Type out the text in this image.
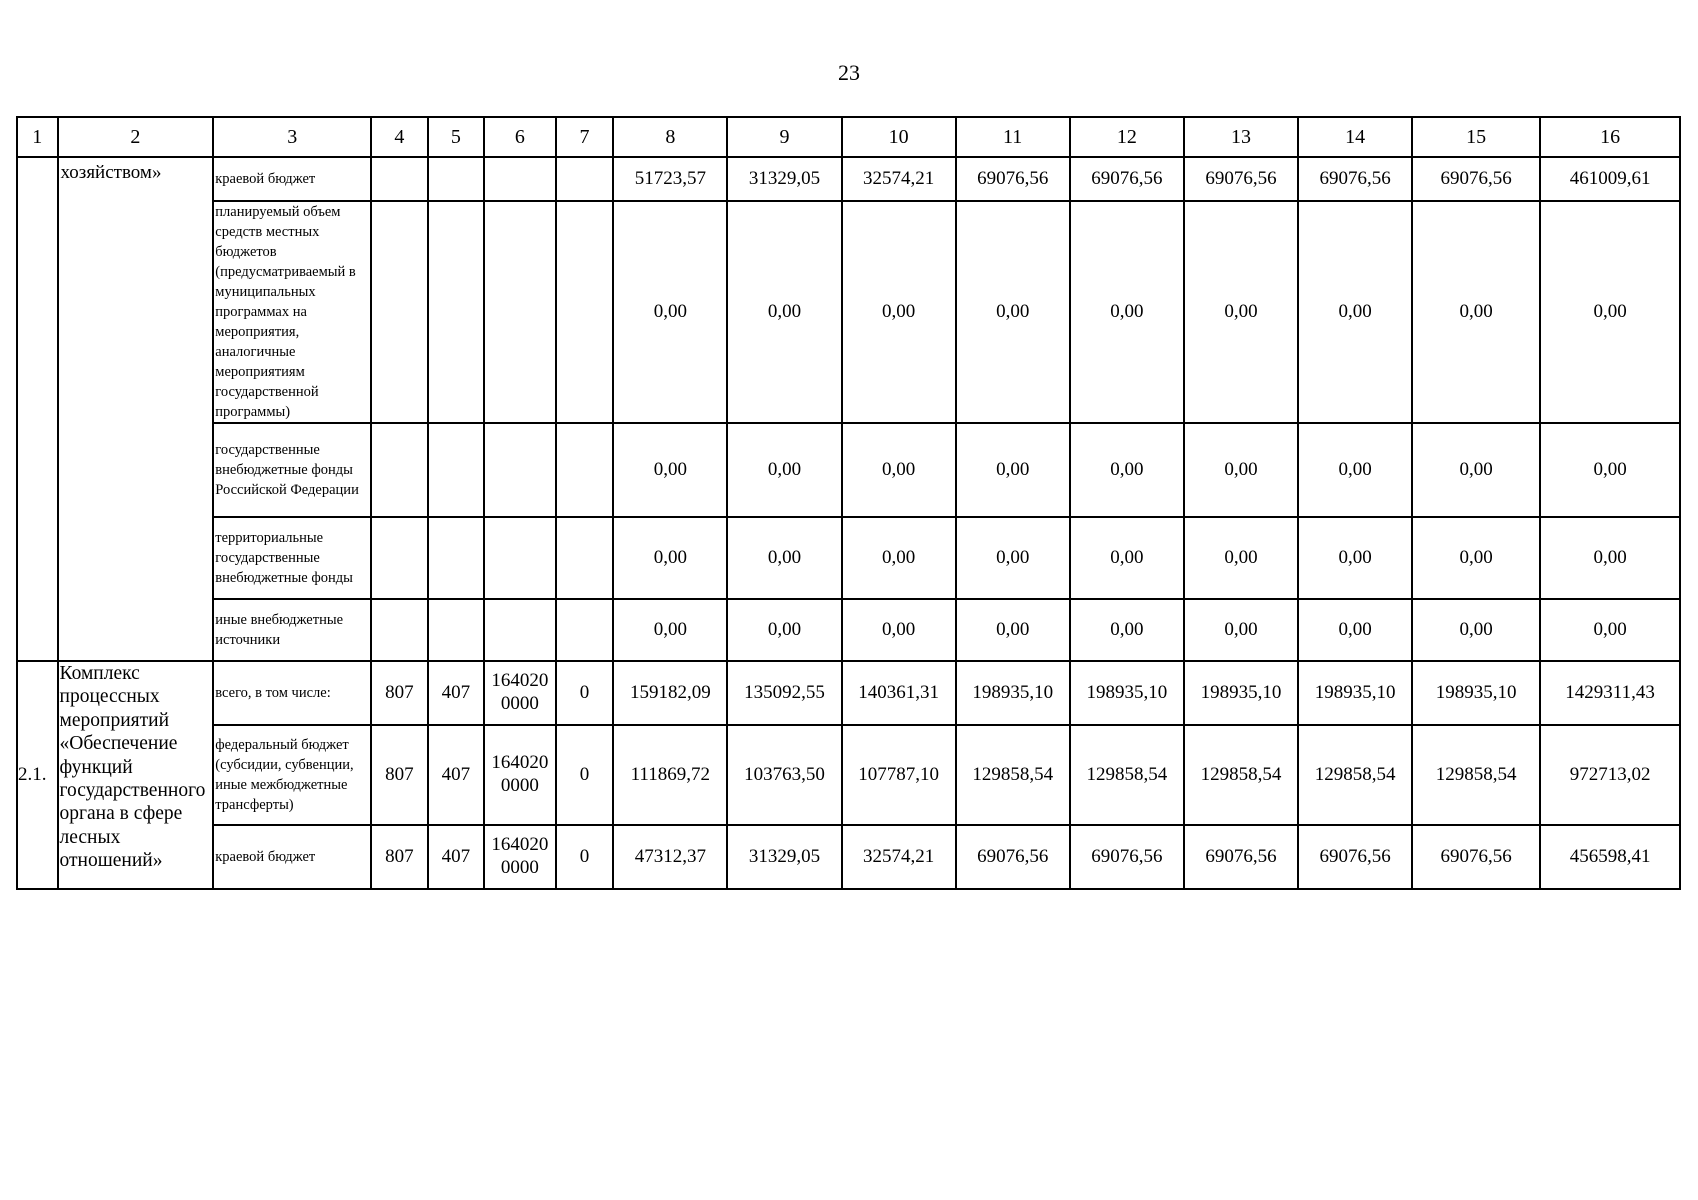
23
1	2	3	4	5	6	7	8	9	10	11	12	13	14	15	16
	хозяйством»	краевой бюджет					51723,57	31329,05	32574,21	69076,56	69076,56	69076,56	69076,56	69076,56	461009,61
		планируемый объем средств местных бюджетов (предусматриваемый в муниципальных программах на мероприятия, аналогичные мероприятиям государственной программы)					0,00	0,00	0,00	0,00	0,00	0,00	0,00	0,00	0,00
		государственные внебюджетные фонды Российской Федерации					0,00	0,00	0,00	0,00	0,00	0,00	0,00	0,00	0,00
		территориальные государственные внебюджетные фонды					0,00	0,00	0,00	0,00	0,00	0,00	0,00	0,00	0,00
		иные внебюджетные источники					0,00	0,00	0,00	0,00	0,00	0,00	0,00	0,00	0,00
2.1.	Комплекс процессных мероприятий «Обеспечение функций государственного органа в сфере лесных отношений»	всего, в том числе:	807	407	164020 0000	0	159182,09	135092,55	140361,31	198935,10	198935,10	198935,10	198935,10	198935,10	1429311,43
		федеральный бюджет (субсидии, субвенции, иные межбюджетные трансферты)	807	407	164020 0000	0	111869,72	103763,50	107787,10	129858,54	129858,54	129858,54	129858,54	129858,54	972713,02
		краевой бюджет	807	407	164020 0000	0	47312,37	31329,05	32574,21	69076,56	69076,56	69076,56	69076,56	69076,56	456598,41
